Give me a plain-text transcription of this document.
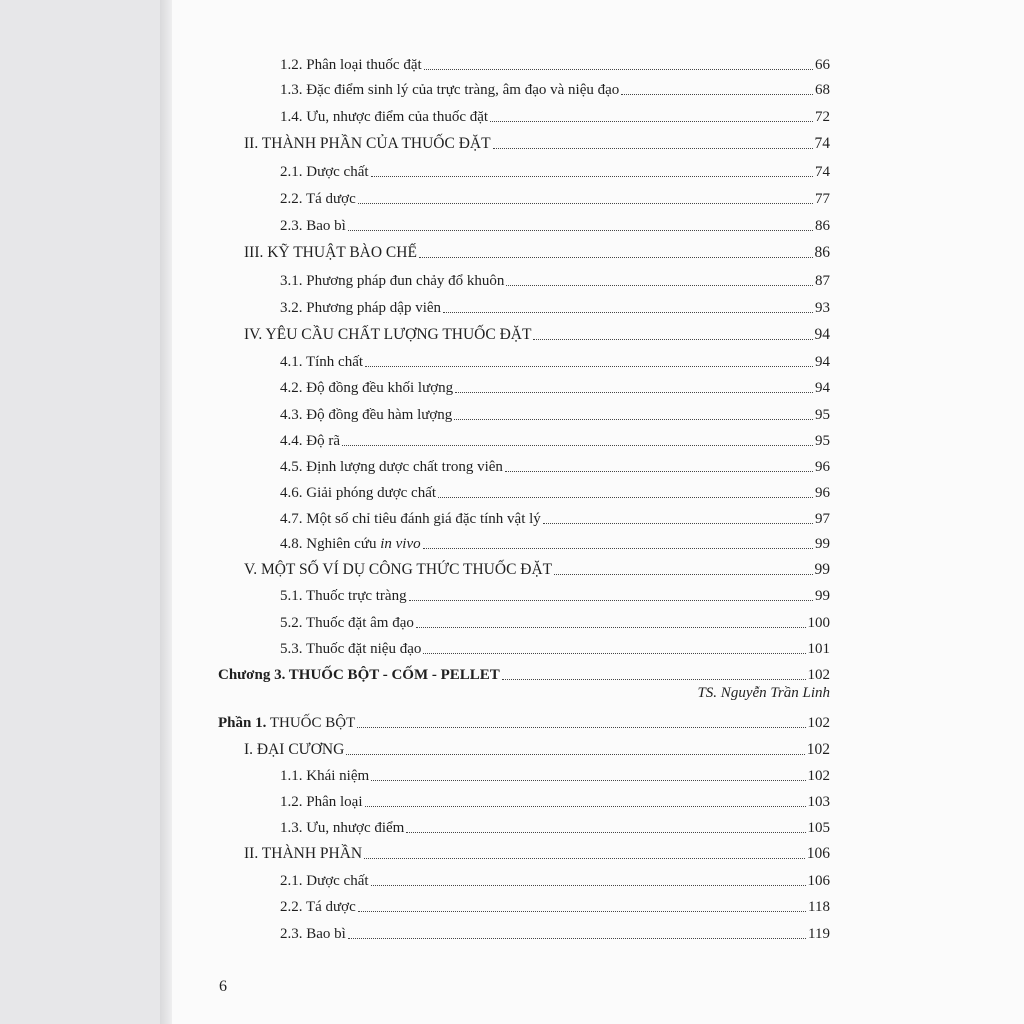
1.2. Phân loại thuốc đặt	66
1.3. Đặc điểm sinh lý của trực tràng, âm đạo và niệu đạo	68
1.4. Ưu, nhược điểm của thuốc đặt	72
II. THÀNH PHẦN CỦA THUỐC ĐẶT	74
2.1. Dược chất	74
2.2. Tá dược	77
2.3. Bao bì	86
III. KỸ THUẬT BÀO CHẾ	86
3.1. Phương pháp đun chảy đổ khuôn	87
3.2. Phương pháp dập viên	93
IV. YÊU CẦU CHẤT LƯỢNG THUỐC ĐẶT	94
4.1. Tính chất	94
4.2. Độ đồng đều khối lượng	94
4.3. Độ đồng đều hàm lượng	95
4.4. Độ rã	95
4.5. Định lượng dược chất trong viên	96
4.6. Giải phóng dược chất	96
4.7. Một số chỉ tiêu đánh giá đặc tính vật lý	97
4.8. Nghiên cứu in vivo	99
V. MỘT SỐ VÍ DỤ CÔNG THỨC THUỐC ĐẶT	99
5.1. Thuốc trực tràng	99
5.2. Thuốc đặt âm đạo	100
5.3. Thuốc đặt niệu đạo	101
Chương 3. THUỐC BỘT - CỐM - PELLET	102
Phần 1. THUỐC BỘT	102
I. ĐẠI CƯƠNG	102
1.1. Khái niệm	102
1.2. Phân loại	103
1.3. Ưu, nhược điểm	105
II. THÀNH PHẦN	106
2.1. Dược chất	106
2.2. Tá dược	118
2.3. Bao bì	119
TS. Nguyễn Trần Linh
6
